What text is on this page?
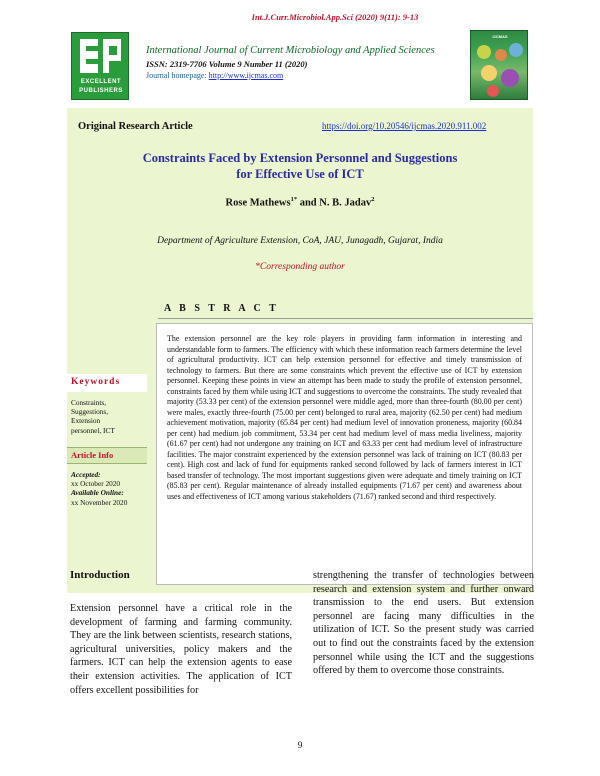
Int.J.Curr.Microbiol.App.Sci (2020) 9(11): 9-13
EXCELLENT
PUBLISHERS
International Journal of Current Microbiology and Applied Sciences
ISSN: 2319-7706 Volume 9 Number 11 (2020)
Journal homepage: http://www.ijcmas.com
IJCMAS
Original Research Article	https://doi.org/10.20546/ijcmas.2020.911.002
Constraints Faced by Extension Personnel and Suggestions
for Effective Use of ICT
Rose Mathews$^{1*}$ and N. B. Jadav$^2$
Department of Agriculture Extension, CoA, JAU, Junagadh, Gujarat, India
*Corresponding author
A B S T R A C T
The extension personnel are the key role players in providing farm information in interesting and understandable form to farmers. The efficiency with which these information reach farmers determine the level of agricultural productivity. ICT can help extension personnel for effective and timely transmission of technology to farmers. But there are some constraints which prevent the effective use of ICT by extension personnel. Keeping these points in view an attempt has been made to study the profile of extension personnel, constraints faced by them while using ICT and suggestions to overcome the constraints. The study revealed that majority (53.33 per cent) of the extension personnel were middle aged, more than three-fourth (80.00 per cent) were males, exactly three-fourth (75.00 per cent) belonged to rural area, majority (62.50 per cent) had medium achievement motivation, majority (65.84 per cent) had medium level of innovation proneness, majority (60.84 per cent) had medium job commitment, 53.34 per cent had medium level of mass media liveliness, majority (61.67 per cent) had not undergone any training on ICT and 63.33 per cent had medium level of infrastructure facilities. The major constraint experienced by the extension personnel was lack of training on ICT (80.83 per cent). High cost and lack of fund for equipments ranked second followed by lack of farmers interest in ICT based transfer of technology. The most important suggestions given were adequate and timely training on ICT (85.83 per cent). Regular maintenance of already installed equipments (71.67 per cent) and awareness about uses and effectiveness of ICT among various stakeholders (71.67) ranked second and third respectively.
Keywords
Constraints,
Suggestions,
Extension
personnel, ICT
Article Info
Accepted:
xx October 2020
Available Online:
xx November 2020
Introduction
Extension personnel have a critical role in the development of farming and farming community. They are the link between scientists, research stations, agricultural universities, policy makers and the farmers. ICT can help the extension agents to ease their extension activities. The application of ICT offers excellent possibilities for
strengthening the transfer of technologies between research and extension system and further onward transmission to the end users. But extension personnel are facing many difficulties in the utilization of ICT. So the present study was carried out to find out the constraints faced by the extension personnel while using the ICT and the suggestions offered by them to overcome those constraints.
9
